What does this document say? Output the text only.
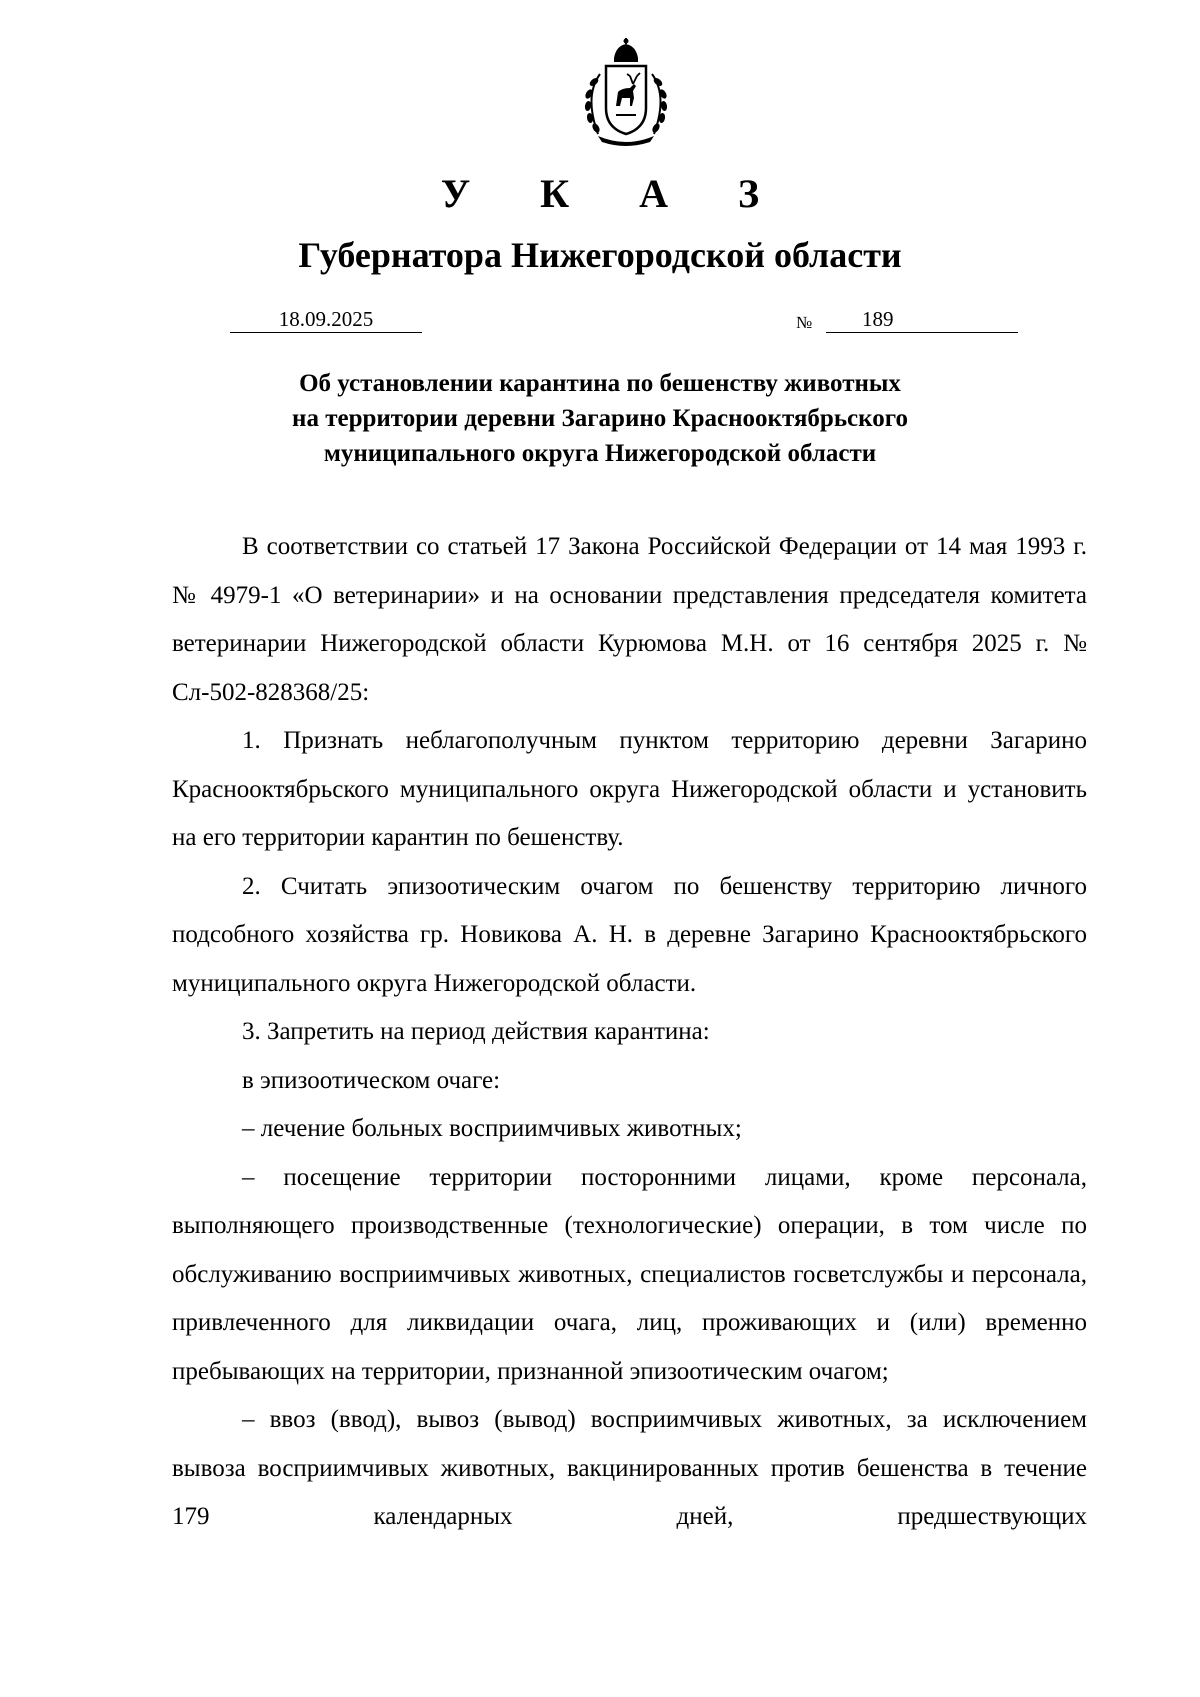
У К А З
Губернатора Нижегородской области
18.09.2025	№	189
Об установлении карантина по бешенству животных
на территории деревни Загарино Краснооктябрьского
муниципального округа Нижегородской области

В соответствии со статьей 17 Закона Российской Федерации от 14 мая 1993 г. № 4979-1 «О ветеринарии» и на основании представления председателя комитета ветеринарии Нижегородской области Курюмова М.Н. от 16 сентября 2025 г. № Сл-502-828368/25:

1. Признать неблагополучным пунктом территорию деревни Загарино Краснооктябрьского муниципального округа Нижегородской области и установить на его территории карантин по бешенству.

2. Считать эпизоотическим очагом по бешенству территорию личного подсобного хозяйства гр. Новикова А. Н. в деревне Загарино Краснооктябрьского муниципального округа Нижегородской области.

3. Запретить на период действия карантина:

в эпизоотическом очаге:

– лечение больных восприимчивых животных;

– посещение территории посторонними лицами, кроме персонала, выполняющего производственные (технологические) операции, в том числе по обслуживанию восприимчивых животных, специалистов госветслужбы и персонала, привлеченного для ликвидации очага, лиц, проживающих и (или) временно пребывающих на территории, признанной эпизоотическим очагом;

– ввоз (ввод), вывоз (вывод) восприимчивых животных, за исключением вывоза восприимчивых животных, вакцинированных против бешенства в течение 179 календарных дней, предшествующих
